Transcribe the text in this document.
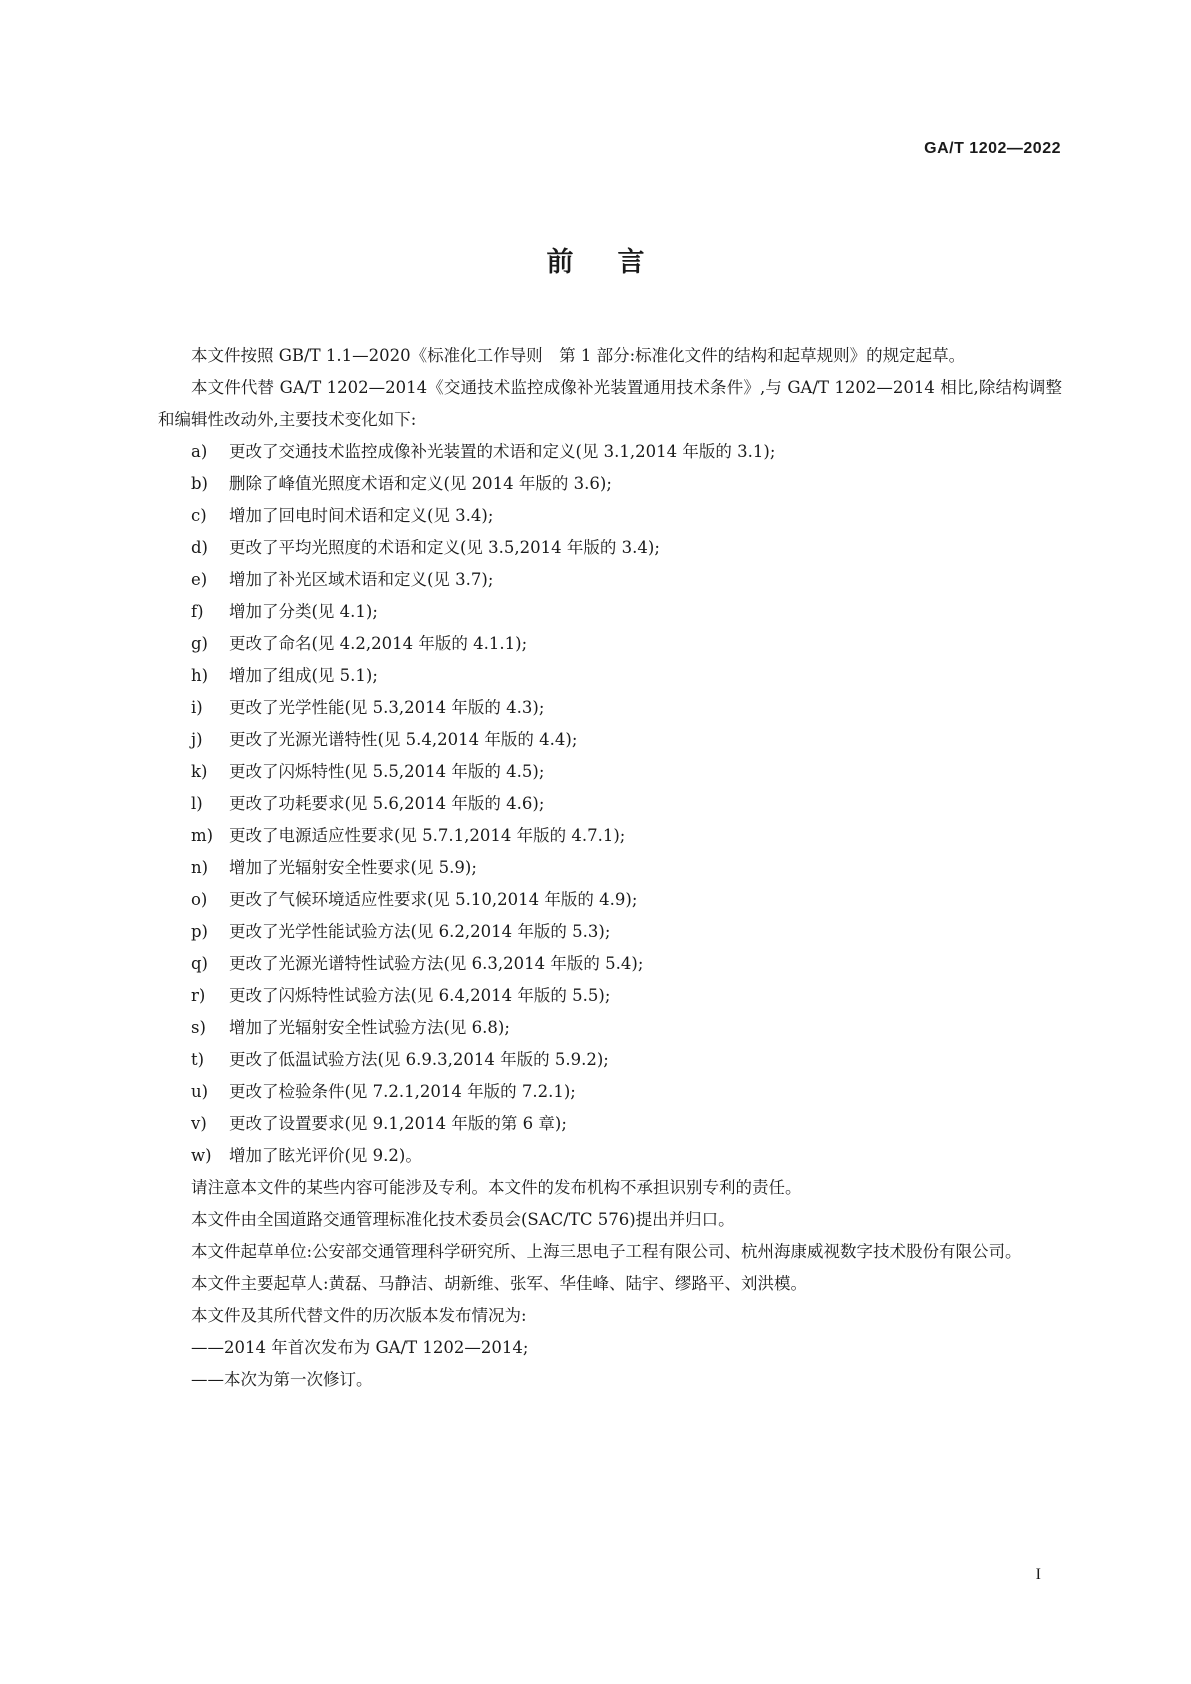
GA/T 1202—2022

前言

本文件按照 GB/T 1.1—2020《标准化工作导则　第 1 部分:标准化文件的结构和起草规则》的规定起草。

本文件代替 GA/T 1202—2014《交通技术监控成像补光装置通用技术条件》,与 GA/T 1202—2014 相比,除结构调整和编辑性改动外,主要技术变化如下:

a)	更改了交通技术监控成像补光装置的术语和定义(见 3.1,2014 年版的 3.1);
b)	删除了峰值光照度术语和定义(见 2014 年版的 3.6);
c)	增加了回电时间术语和定义(见 3.4);
d)	更改了平均光照度的术语和定义(见 3.5,2014 年版的 3.4);
e)	增加了补光区域术语和定义(见 3.7);
f)	增加了分类(见 4.1);
g)	更改了命名(见 4.2,2014 年版的 4.1.1);
h)	增加了组成(见 5.1);
i)	更改了光学性能(见 5.3,2014 年版的 4.3);
j)	更改了光源光谱特性(见 5.4,2014 年版的 4.4);
k)	更改了闪烁特性(见 5.5,2014 年版的 4.5);
l)	更改了功耗要求(见 5.6,2014 年版的 4.6);
m) 更改了电源适应性要求(见 5.7.1,2014 年版的 4.7.1);
n)	增加了光辐射安全性要求(见 5.9);
o)	更改了气候环境适应性要求(见 5.10,2014 年版的 4.9);
p)	更改了光学性能试验方法(见 6.2,2014 年版的 5.3);
q)	更改了光源光谱特性试验方法(见 6.3,2014 年版的 5.4);
r)	更改了闪烁特性试验方法(见 6.4,2014 年版的 5.5);
s)	增加了光辐射安全性试验方法(见 6.8);
t)	更改了低温试验方法(见 6.9.3,2014 年版的 5.9.2);
u)	更改了检验条件(见 7.2.1,2014 年版的 7.2.1);
v)	更改了设置要求(见 9.1,2014 年版的第 6 章);
w)	增加了眩光评价(见 9.2)。

请注意本文件的某些内容可能涉及专利。本文件的发布机构不承担识别专利的责任。

本文件由全国道路交通管理标准化技术委员会(SAC/TC 576)提出并归口。

本文件起草单位:公安部交通管理科学研究所、上海三思电子工程有限公司、杭州海康威视数字技术股份有限公司。

本文件主要起草人:黄磊、马静洁、胡新维、张军、华佳峰、陆宇、缪路平、刘洪模。

本文件及其所代替文件的历次版本发布情况为:

——2014 年首次发布为 GA/T 1202—2014;

——本次为第一次修订。

I
